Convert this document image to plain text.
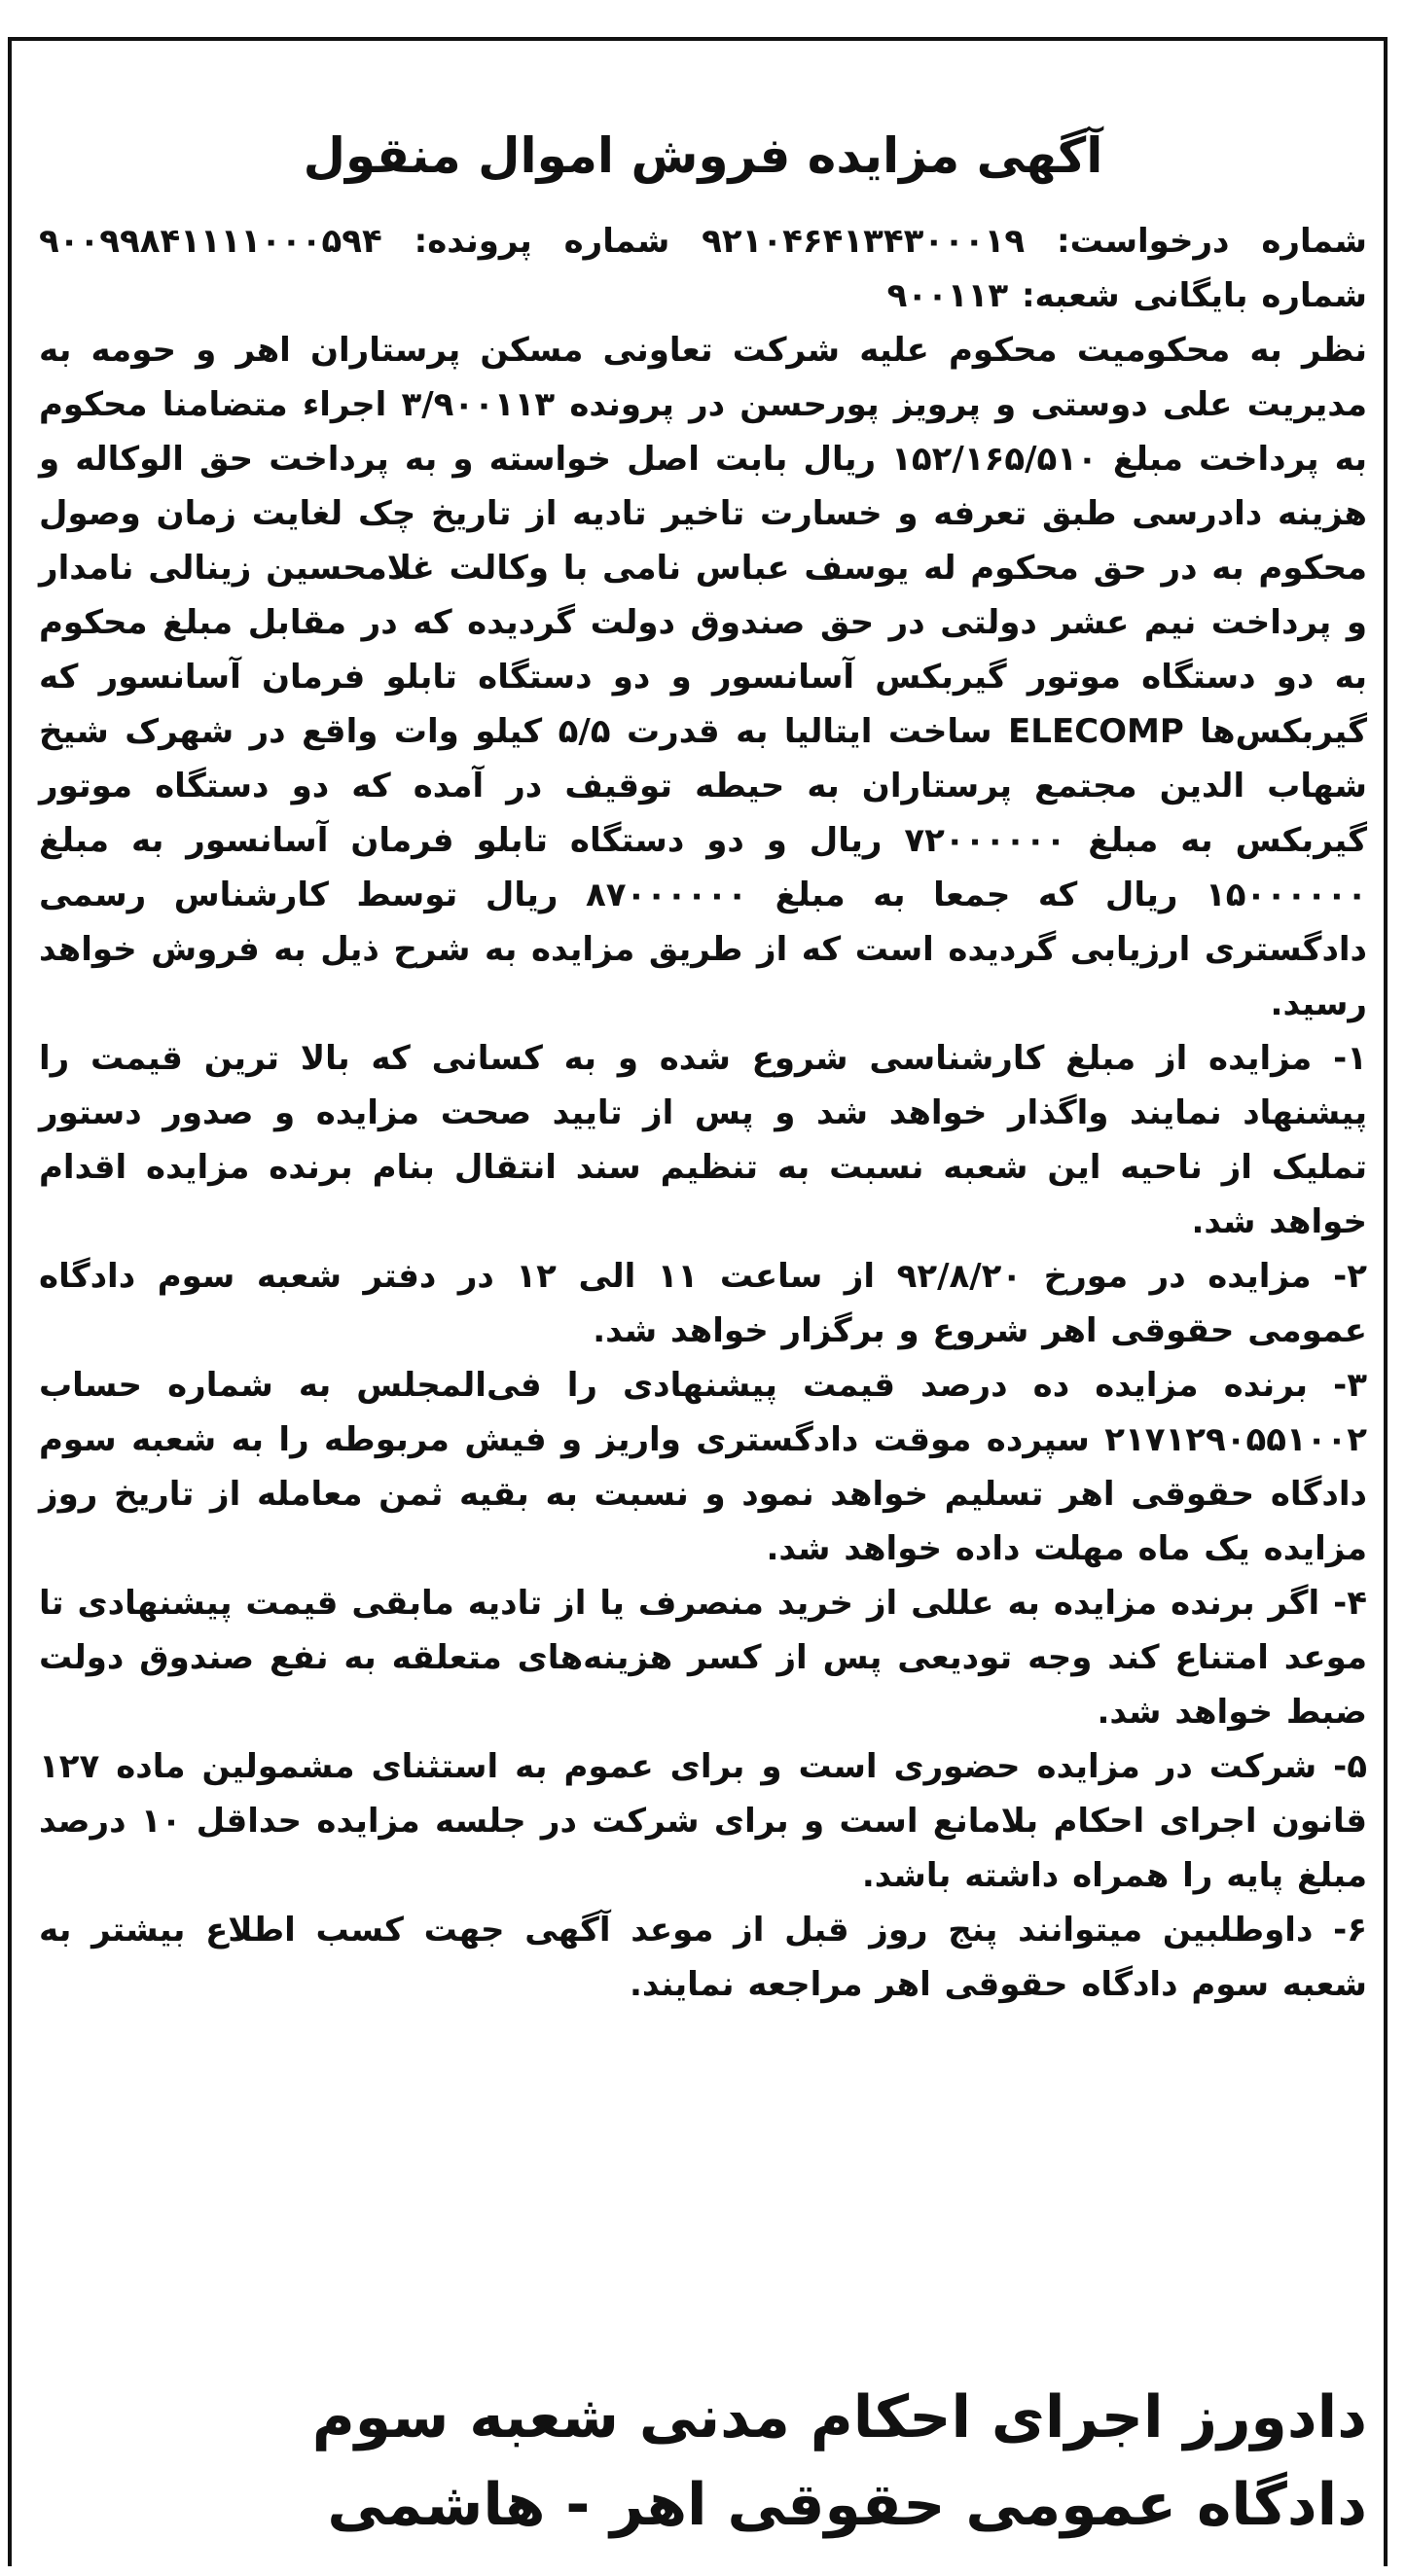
آگهی مزایده فروش اموال منقول

شماره درخواست: ۹۲۱۰۴۶۴۱۳۴۳۰۰۰۱۹ شماره پرونده: ۹۰۰۹۹۸۴۱۱۱۱۰۰۰۵۹۴ شماره بایگانی شعبه: ۹۰۰۱۱۳

نظر به محکومیت محکوم علیه شرکت تعاونی مسکن پرستاران اهر و حومه به مدیریت علی دوستی و پرویز پورحسن در پرونده ۳/۹۰۰۱۱۳ اجراء متضامنا محکوم به پرداخت مبلغ ۱۵۲/۱۶۵/۵۱۰ ریال بابت اصل خواسته و به پرداخت حق الوکاله و هزینه دادرسی طبق تعرفه و خسارت تاخیر تادیه از تاریخ چک لغایت زمان وصول محکوم به در حق محکوم له یوسف عباس نامی با وکالت غلامحسین زینالی نامدار و پرداخت نیم عشر دولتی در حق صندوق دولت گردیده که در مقابل مبلغ محکوم به دو دستگاه موتور گیربکس آسانسور و دو دستگاه تابلو فرمان آسانسور که گیربکس‌ها ELECOMP ساخت ایتالیا به قدرت ۵/۵ کیلو وات واقع در شهرک شیخ شهاب الدین مجتمع پرستاران به حیطه توقیف در آمده که دو دستگاه موتور گیربکس به مبلغ ۷۲۰۰۰۰۰۰ ریال و دو دستگاه تابلو فرمان آسانسور به مبلغ ۱۵۰۰۰۰۰۰ ریال که جمعا به مبلغ ۸۷۰۰۰۰۰۰ ریال توسط کارشناس رسمی دادگستری ارزیابی گردیده است که از طریق مزایده به شرح ذیل به فروش خواهد رسید.

۱- مزایده از مبلغ کارشناسی شروع شده و به کسانی که بالا ترین قیمت را پیشنهاد نمایند واگذار خواهد شد و پس از تایید صحت مزایده و صدور دستور تملیک از ناحیه این شعبه نسبت به تنظیم سند انتقال بنام برنده مزایده اقدام خواهد شد.

۲- مزایده در مورخ ۹۲/۸/۲۰ از ساعت ۱۱ الی ۱۲ در دفتر شعبه سوم دادگاه عمومی حقوقی اهر شروع و برگزار خواهد شد.

۳- برنده مزایده ده درصد قیمت پیشنهادی را فی‌المجلس به شماره حساب ۲۱۷۱۲۹۰۵۵۱۰۰۲ سپرده موقت دادگستری واریز و فیش مربوطه را به شعبه سوم دادگاه حقوقی اهر تسلیم خواهد نمود و نسبت به بقیه ثمن معامله از تاریخ روز مزایده یک ماه مهلت داده خواهد شد.

۴- اگر برنده مزایده به عللی از خرید منصرف یا از تادیه مابقی قیمت پیشنهادی تا موعد امتناع کند وجه تودیعی پس از کسر هزینه‌های متعلقه به نفع صندوق دولت ضبط خواهد شد.

۵- شرکت در مزایده حضوری است و برای عموم به استثنای مشمولین ماده ۱۲۷ قانون اجرای احکام بلامانع است و برای شرکت در جلسه مزایده حداقل ۱۰ درصد مبلغ پایه را همراه داشته باشد.

۶- داوطلبین میتوانند پنج روز قبل از موعد آگهی جهت کسب اطلاع بیشتر به شعبه سوم دادگاه حقوقی اهر مراجعه نمایند.

دادورز اجرای احکام مدنی شعبه سوم
دادگاه عمومی حقوقی اهر - هاشمی
